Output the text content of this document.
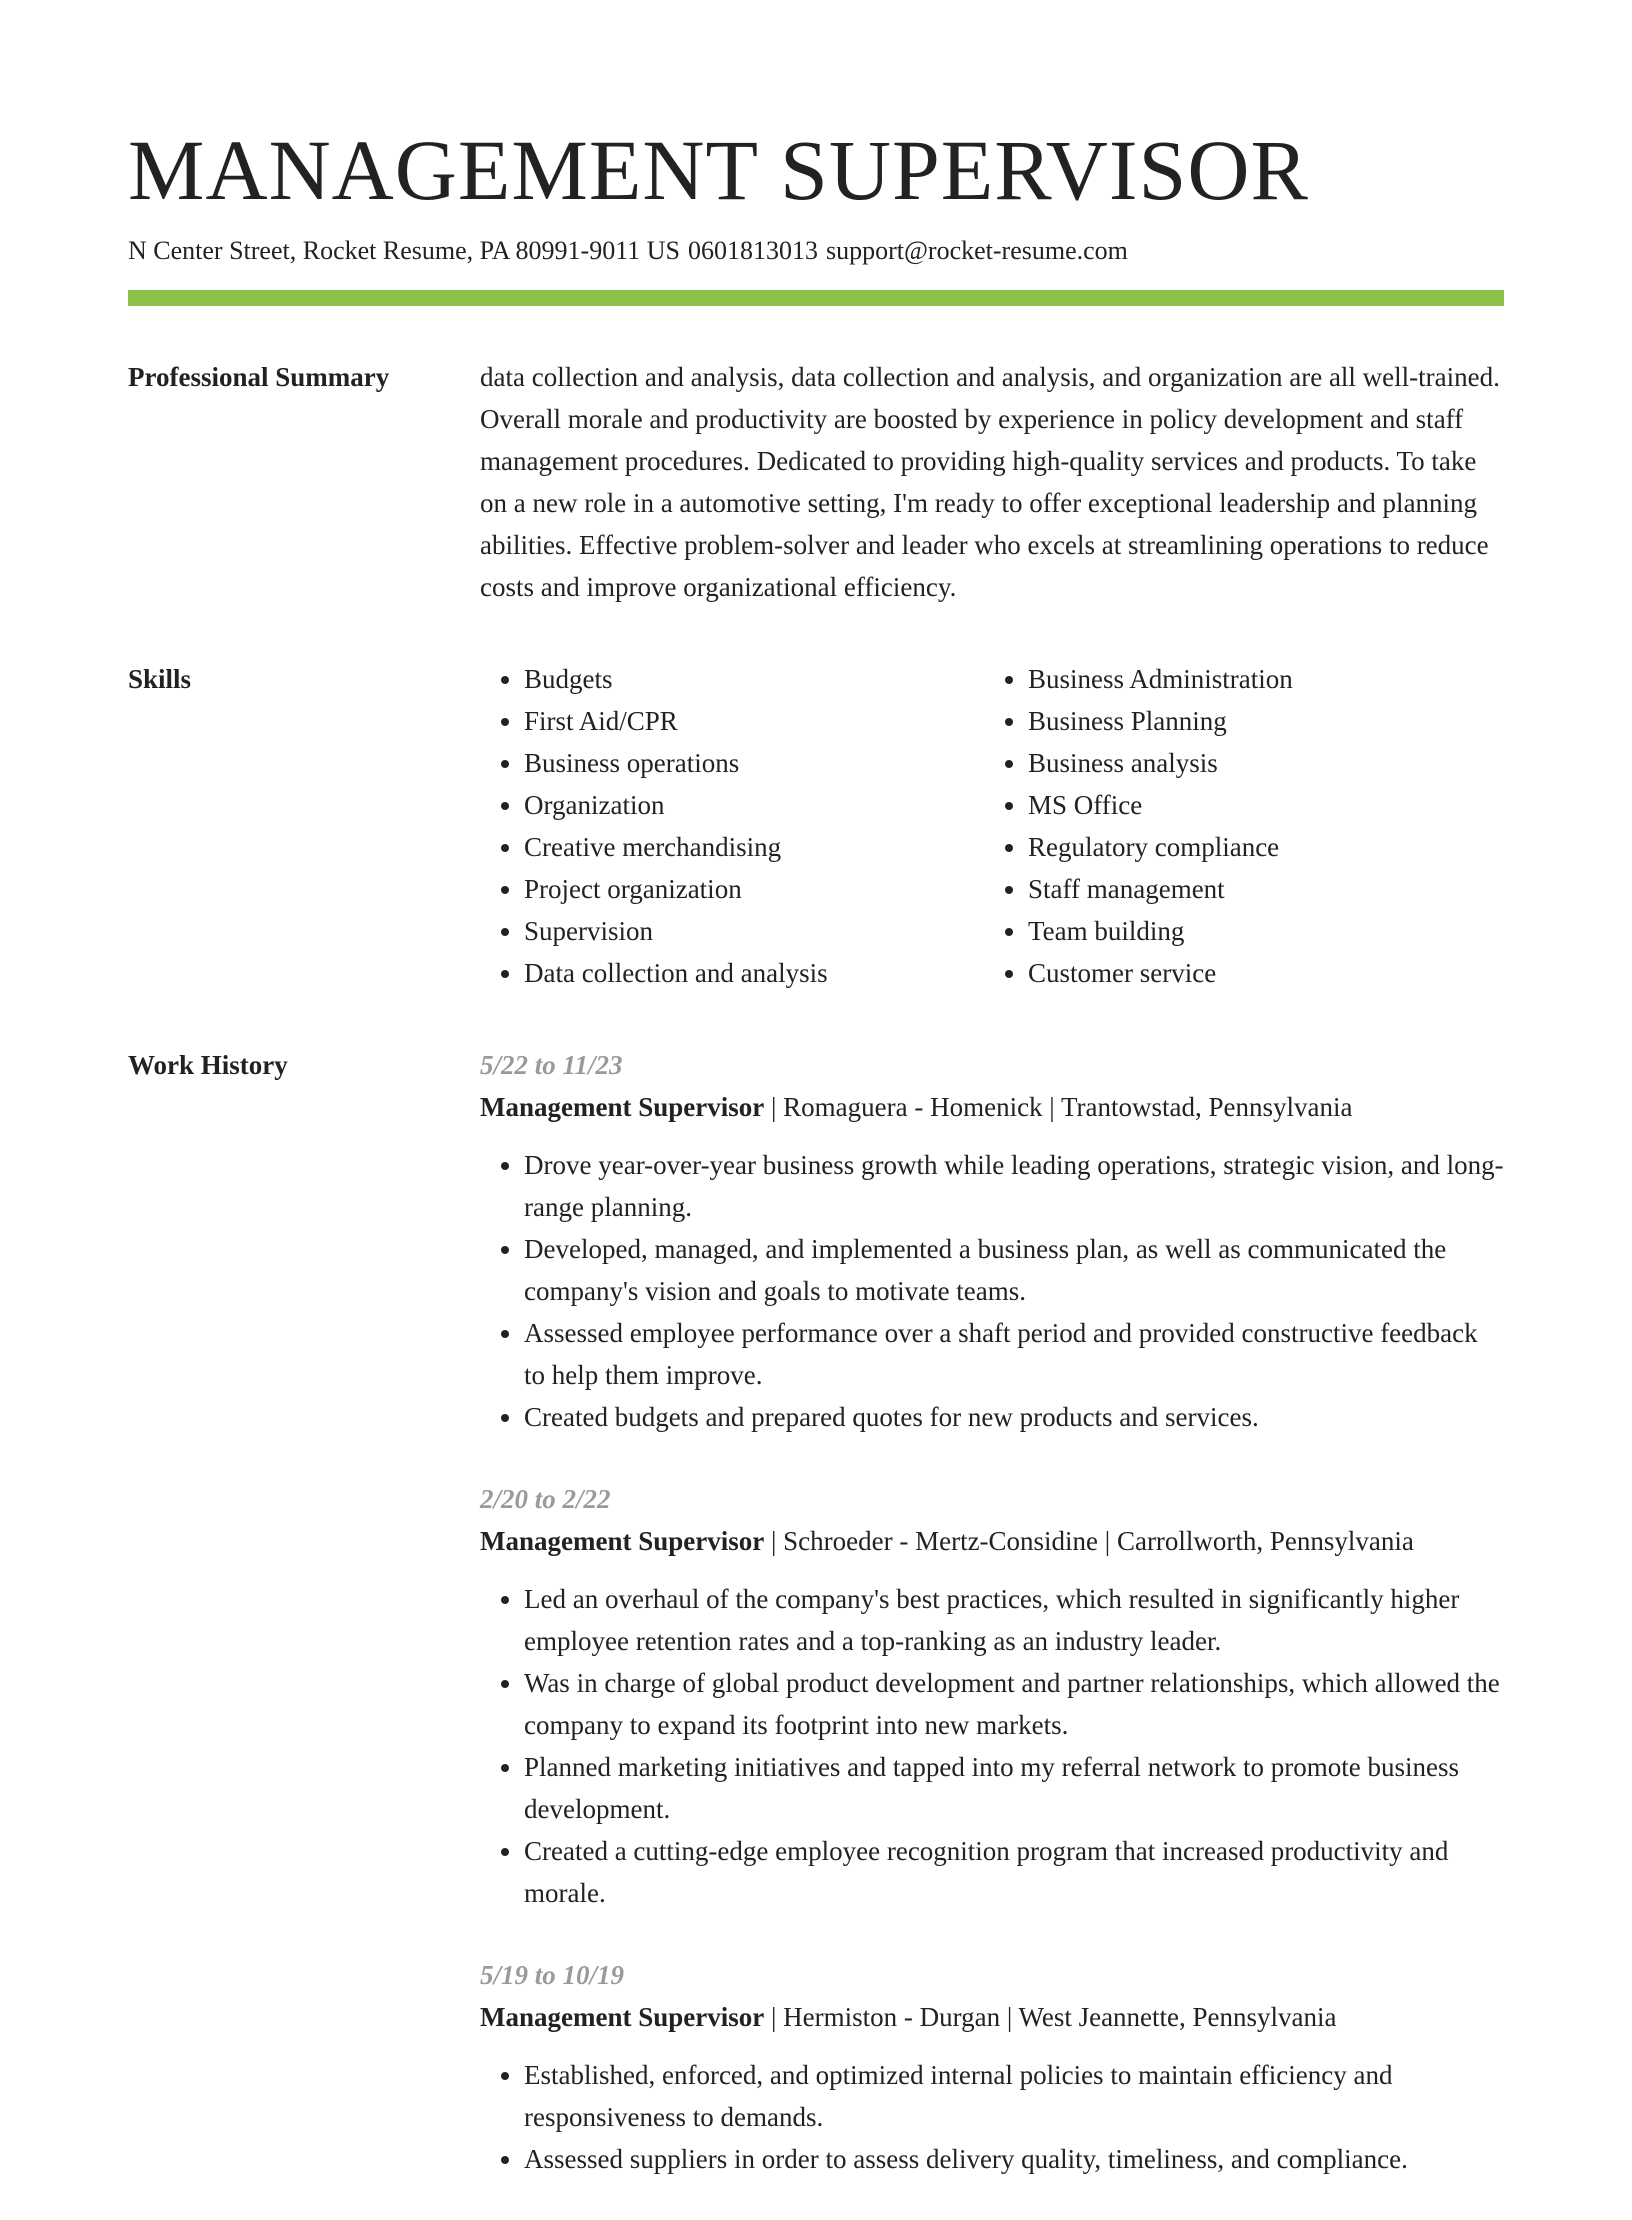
MANAGEMENT SUPERVISOR
N Center Street, Rocket Resume, PA 80991-9011 US 0601813013 support@rocket-resume.com
Professional Summary	data collection and analysis, data collection and analysis, and organization are all well-trained. Overall morale and productivity are boosted by experience in policy development and staff management procedures. Dedicated to providing high-quality services and products. To take on a new role in a automotive setting, I'm ready to offer exceptional leadership and planning abilities. Effective problem-solver and leader who excels at streamlining operations to reduce costs and improve organizational efficiency.

Skills
•	Budgets
• First Aid/CPR
• Business operations
• Organization
• Creative merchandising
• Project organization
• Supervision
• Data collection and analysis
• Business Administration
• Business Planning
• Business analysis
• MS Office
• Regulatory compliance
• Staff management
• Team building
• Customer service
Work History	5/22 to 11/23
Management Supervisor | Romaguera - Homenick | Trantowstad, Pennsylvania
• Drove year-over-year business growth while leading operations, strategic vision, and long-range planning.
• Developed, managed, and implemented a business plan, as well as communicated the company's vision and goals to motivate teams.
• Assessed employee performance over a shaft period and provided constructive feedback to help them improve.
• Created budgets and prepared quotes for new products and services.
2/20 to 2/22
Management Supervisor | Schroeder - Mertz-Considine | Carrollworth, Pennsylvania
• Led an overhaul of the company's best practices, which resulted in significantly higher employee retention rates and a top-ranking as an industry leader.
• Was in charge of global product development and partner relationships, which allowed the company to expand its footprint into new markets.
• Planned marketing initiatives and tapped into my referral network to promote business development.
• Created a cutting-edge employee recognition program that increased productivity and morale.
5/19 to 10/19
Management Supervisor | Hermiston - Durgan | West Jeannette, Pennsylvania
• Established, enforced, and optimized internal policies to maintain efficiency and responsiveness to demands.
• Assessed suppliers in order to assess delivery quality, timeliness, and compliance.
